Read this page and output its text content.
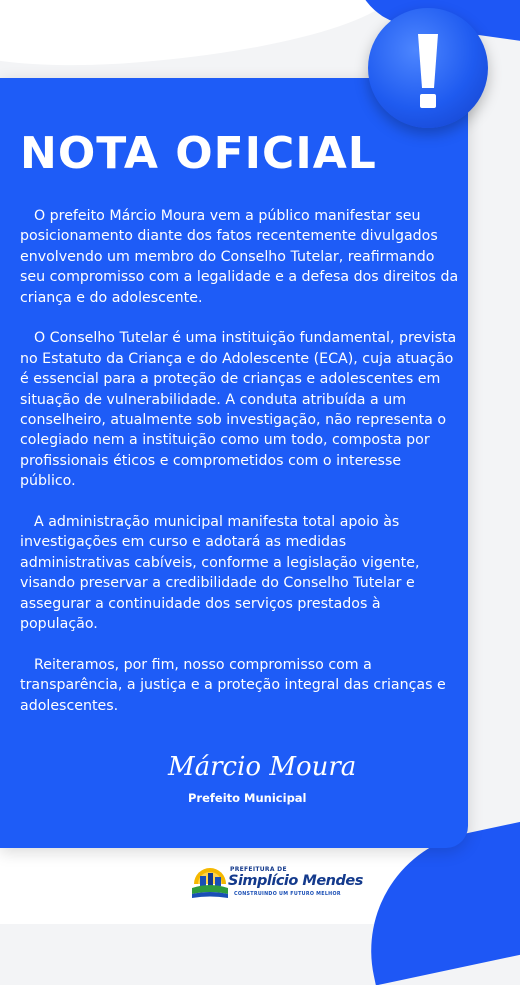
NOTA OFICIAL

O prefeito Márcio Moura vem a público manifestar seu posicionamento diante dos fatos recentemente divulgados envolvendo um membro do Conselho Tutelar, reafirmando seu compromisso com a legalidade e a defesa dos direitos da criança e do adolescente.

O Conselho Tutelar é uma instituição fundamental, prevista no Estatuto da Criança e do Adolescente (ECA), cuja atuação é essencial para a proteção de crianças e adolescentes em situação de vulnerabilidade. A conduta atribuída a um conselheiro, atualmente sob investigação, não representa o colegiado nem a instituição como um todo, composta por profissionais éticos e comprometidos com o interesse público.

A administração municipal manifesta total apoio às investigações em curso e adotará as medidas administrativas cabíveis, conforme a legislação vigente, visando preservar a credibilidade do Conselho Tutelar e assegurar a continuidade dos serviços prestados à população.

Reiteramos, por fim, nosso compromisso com a transparência, a justiça e a proteção integral das crianças e adolescentes.

Márcio Moura
Prefeito Municipal
PREFEITURA DE
Simplício Mendes
CONSTRUINDO UM FUTURO MELHOR
